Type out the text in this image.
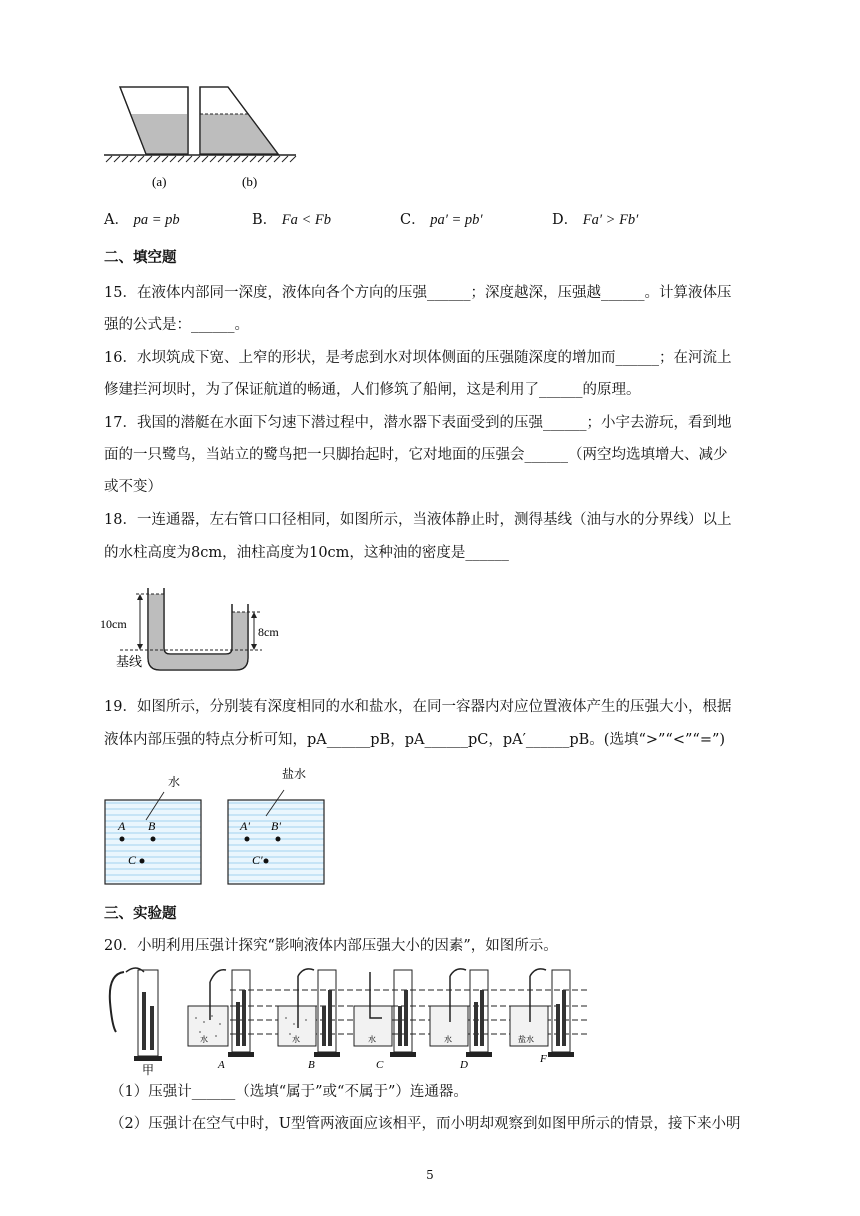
(a)	(b)
A． pa = pb	B． Fa < Fb	C． pa′ = pb′	D． Fa′ > Fb′
二、填空题
15．在液体内部同一深度，液体向各个方向的压强______；深度越深，压强越______。计算液体压
强的公式是：______。
16．水坝筑成下宽、上窄的形状，是考虑到水对坝体侧面的压强随深度的增加而______；在河流上
修建拦河坝时，为了保证航道的畅通，人们修筑了船闸，这是利用了______的原理。
17．我国的潜艇在水面下匀速下潜过程中，潜水器下表面受到的压强______；小宇去游玩，看到地
面的一只鹭鸟，当站立的鹭鸟把一只脚抬起时，它对地面的压强会______（两空均选填增大、减少
或不变）
18．一连通器，左右管口口径相同，如图所示，当液体静止时，测得基线（油与水的分界线）以上
的水柱高度为8cm，油柱高度为10cm，这种油的密度是______
10cm
8cm
基线
19．如图所示，分别装有深度相同的水和盐水，在同一容器内对应位置液体产生的压强大小，根据
液体内部压强的特点分析可知，pA______pB，pA______pC，pA′______pB。(选填“>”“<”“=”)
水
A B
C
盐水
A' B'
C'
三、实验题
20．小明利用压强计探究“影响液体内部压强大小的因素”，如图所示。
甲
水
A
水
B
水
C
水
D
盐水
F
（1）压强计______（选填“属于”或“不属于”）连通器。
（2）压强计在空气中时，U型管两液面应该相平，而小明却观察到如图甲所示的情景，接下来小明
5
